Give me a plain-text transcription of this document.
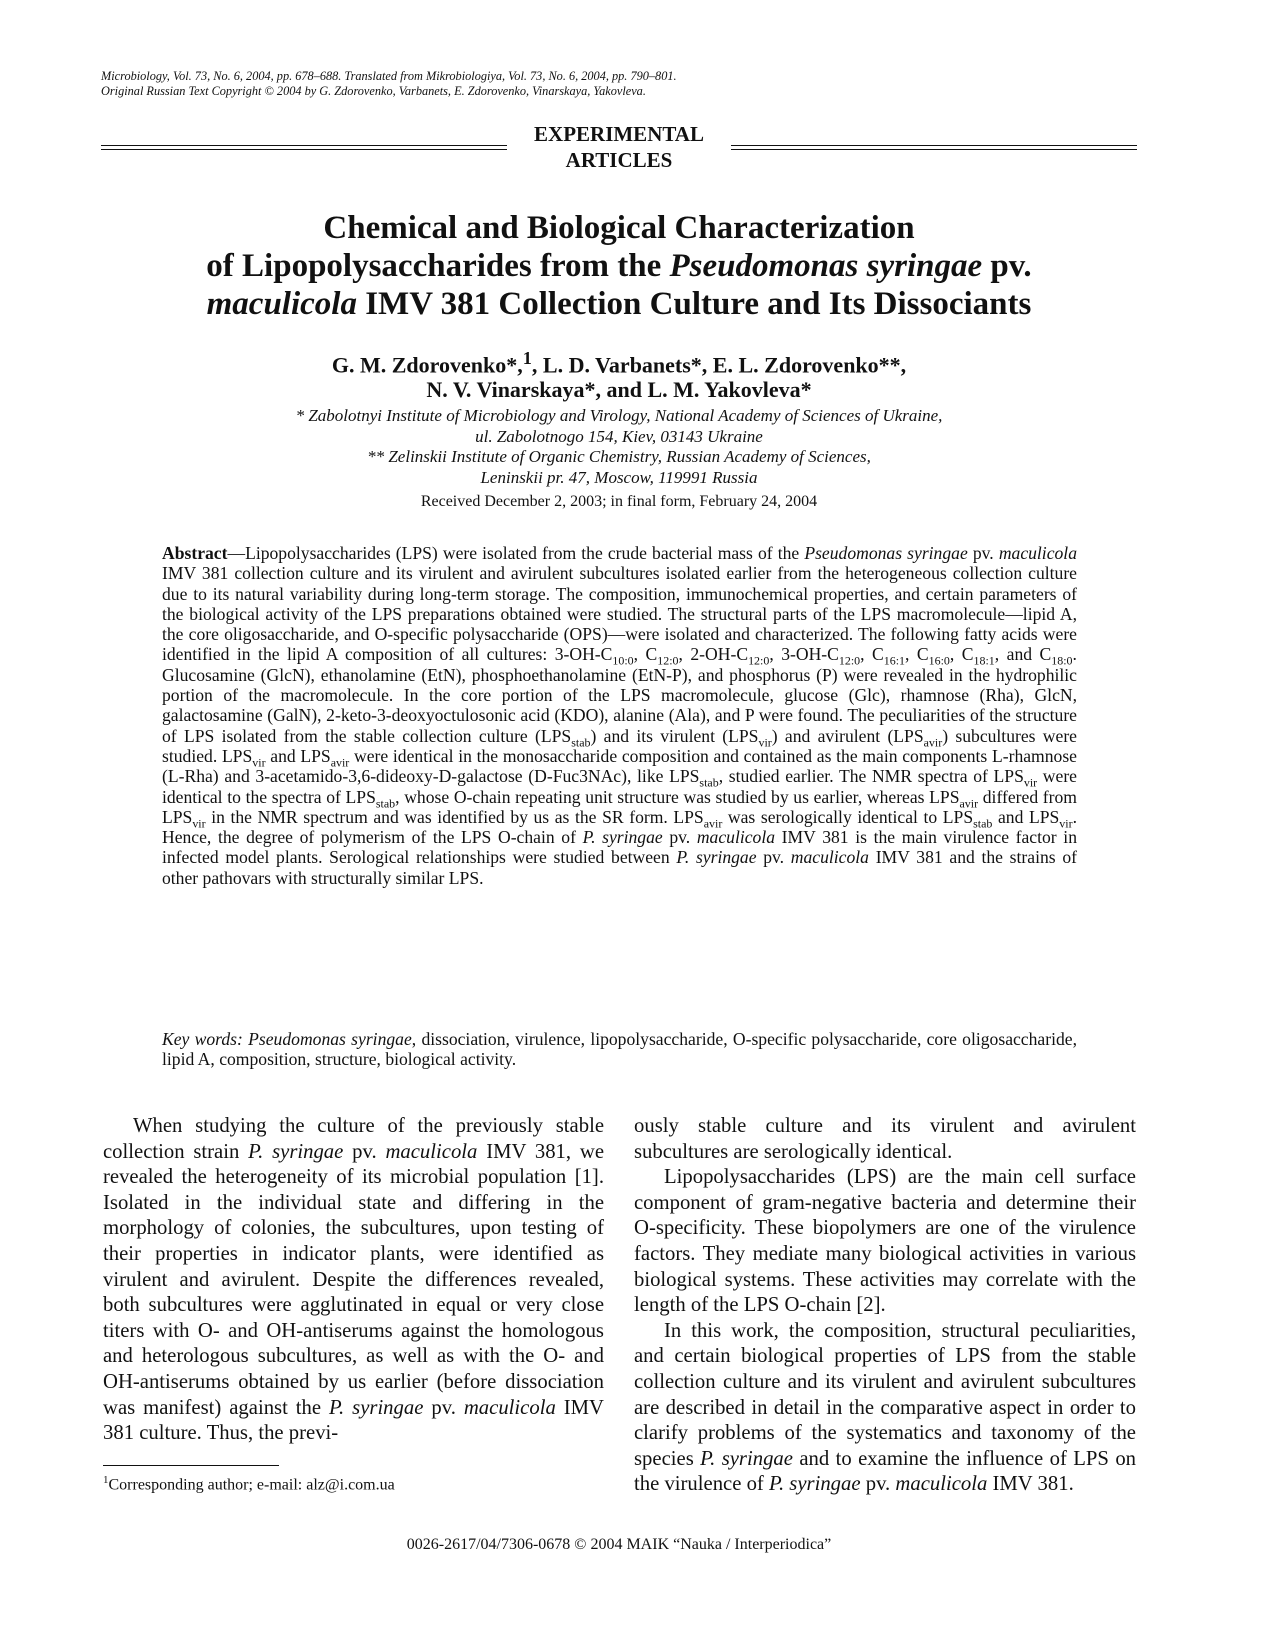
Microbiology, Vol. 73, No. 6, 2004, pp. 678–688. Translated from Mikrobiologiya, Vol. 73, No. 6, 2004, pp. 790–801.
Original Russian Text Copyright © 2004 by G. Zdorovenko, Varbanets, E. Zdorovenko, Vinarskaya, Yakovleva.
EXPERIMENTAL
ARTICLES
Chemical and Biological Characterization
of Lipopolysaccharides from the Pseudomonas syringae pv.
maculicola IMV 381 Collection Culture and Its Dissociants

G. M. Zdorovenko*,$^1$, L. D. Varbanets*, E. L. Zdorovenko**,
N. V. Vinarskaya*, and L. M. Yakovleva*

* Zabolotnyi Institute of Microbiology and Virology, National Academy of Sciences of Ukraine,
ul. Zabolotnogo 154, Kiev, 03143 Ukraine
** Zelinskii Institute of Organic Chemistry, Russian Academy of Sciences,
Leninskii pr. 47, Moscow, 119991 Russia
Received December 2, 2003; in final form, February 24, 2004

Abstract—Lipopolysaccharides (LPS) were isolated from the crude bacterial mass of the Pseudomonas syringae pv. maculicola IMV 381 collection culture and its virulent and avirulent subcultures isolated earlier from the heterogeneous collection culture due to its natural variability during long-term storage. The composition, immunochemical properties, and certain parameters of the biological activity of the LPS preparations obtained were studied. The structural parts of the LPS macromolecule—lipid A, the core oligosaccharide, and O-specific polysaccharide (OPS)—were isolated and characterized. The following fatty acids were identified in the lipid A composition of all cultures: $3-OH-C_{10:0}$, $C_{12:0}$, $2-OH-C_{12:0}$, $3-OH-C_{12:0}$, $C_{16:1}$, $C_{16:0}$, $C_{18:1}$, and $C_{18:0}$. Glucosamine (GlcN), ethanolamine (EtN), phosphoethanolamine (EtN-P), and phosphorus (P) were revealed in the hydrophilic portion of the macromolecule. In the core portion of the LPS macromolecule, glucose (Glc), rhamnose (Rha), GlcN, galactosamine (GalN), 2-keto-3-deoxyoctulosonic acid (KDO), alanine (Ala), and P were found. The peculiarities of the structure of LPS isolated from the stable collection culture $(LPS_{stab})$ and its virulent $(LPS_{vir})$ and avirulent $(LPS_{avir})$ subcultures were studied. $LPS_{vir}$ and $LPS_{avir}$ were identical in the monosaccharide composition and contained as the main components L-rhamnose (L-Rha) and 3-acetamido-3,6-dideoxy-D-galactose (D-Fuc3NAc), like $LPS_{stab}$, studied earlier. The NMR spectra of $LPS_{vir}$ were identical to the spectra of $LPS_{stab}$, whose O-chain repeating unit structure was studied by us earlier, whereas $LPS_{avir}$ differed from $LPS_{vir}$ in the NMR spectrum and was identified by us as the SR form. $LPS_{avir}$ was serologically identical to $LPS_{stab}$ and $LPS_{vir}$. Hence, the degree of polymerism of the LPS O-chain of P. syringae pv. maculicola IMV 381 is the main virulence factor in infected model plants. Serological relationships were studied between P. syringae pv. maculicola IMV 381 and the strains of other pathovars with structurally similar LPS.

Key words: Pseudomonas syringae, dissociation, virulence, lipopolysaccharide, O-specific polysaccharide, core oligosaccharide, lipid A, composition, structure, biological activity.

When studying the culture of the previously stable collection strain P. syringae pv. maculicola IMV 381, we revealed the heterogeneity of its microbial population [1]. Isolated in the individual state and differing in the morphology of colonies, the subcultures, upon testing of their properties in indicator plants, were identified as virulent and avirulent. Despite the differences revealed, both subcultures were agglutinated in equal or very close titers with O- and OH-antiserums against the homologous and heterologous subcultures, as well as with the O- and OH-antiserums obtained by us earlier (before dissociation was manifest) against the P. syringae pv. maculicola IMV 381 culture. Thus, the previ-

ously stable culture and its virulent and avirulent subcultures are serologically identical.

Lipopolysaccharides (LPS) are the main cell surface component of gram-negative bacteria and determine their O-specificity. These biopolymers are one of the virulence factors. They mediate many biological activities in various biological systems. These activities may correlate with the length of the LPS O-chain [2].

In this work, the composition, structural peculiarities, and certain biological properties of LPS from the stable collection culture and its virulent and avirulent subcultures are described in detail in the comparative aspect in order to clarify problems of the systematics and taxonomy of the species P. syringae and to examine the influence of LPS on the virulence of P. syringae pv. maculicola IMV 381.

$^1$Corresponding author; e-mail: alz@i.com.ua
0026-2617/04/7306-0678 © 2004 MAIK “Nauka / Interperiodica”
